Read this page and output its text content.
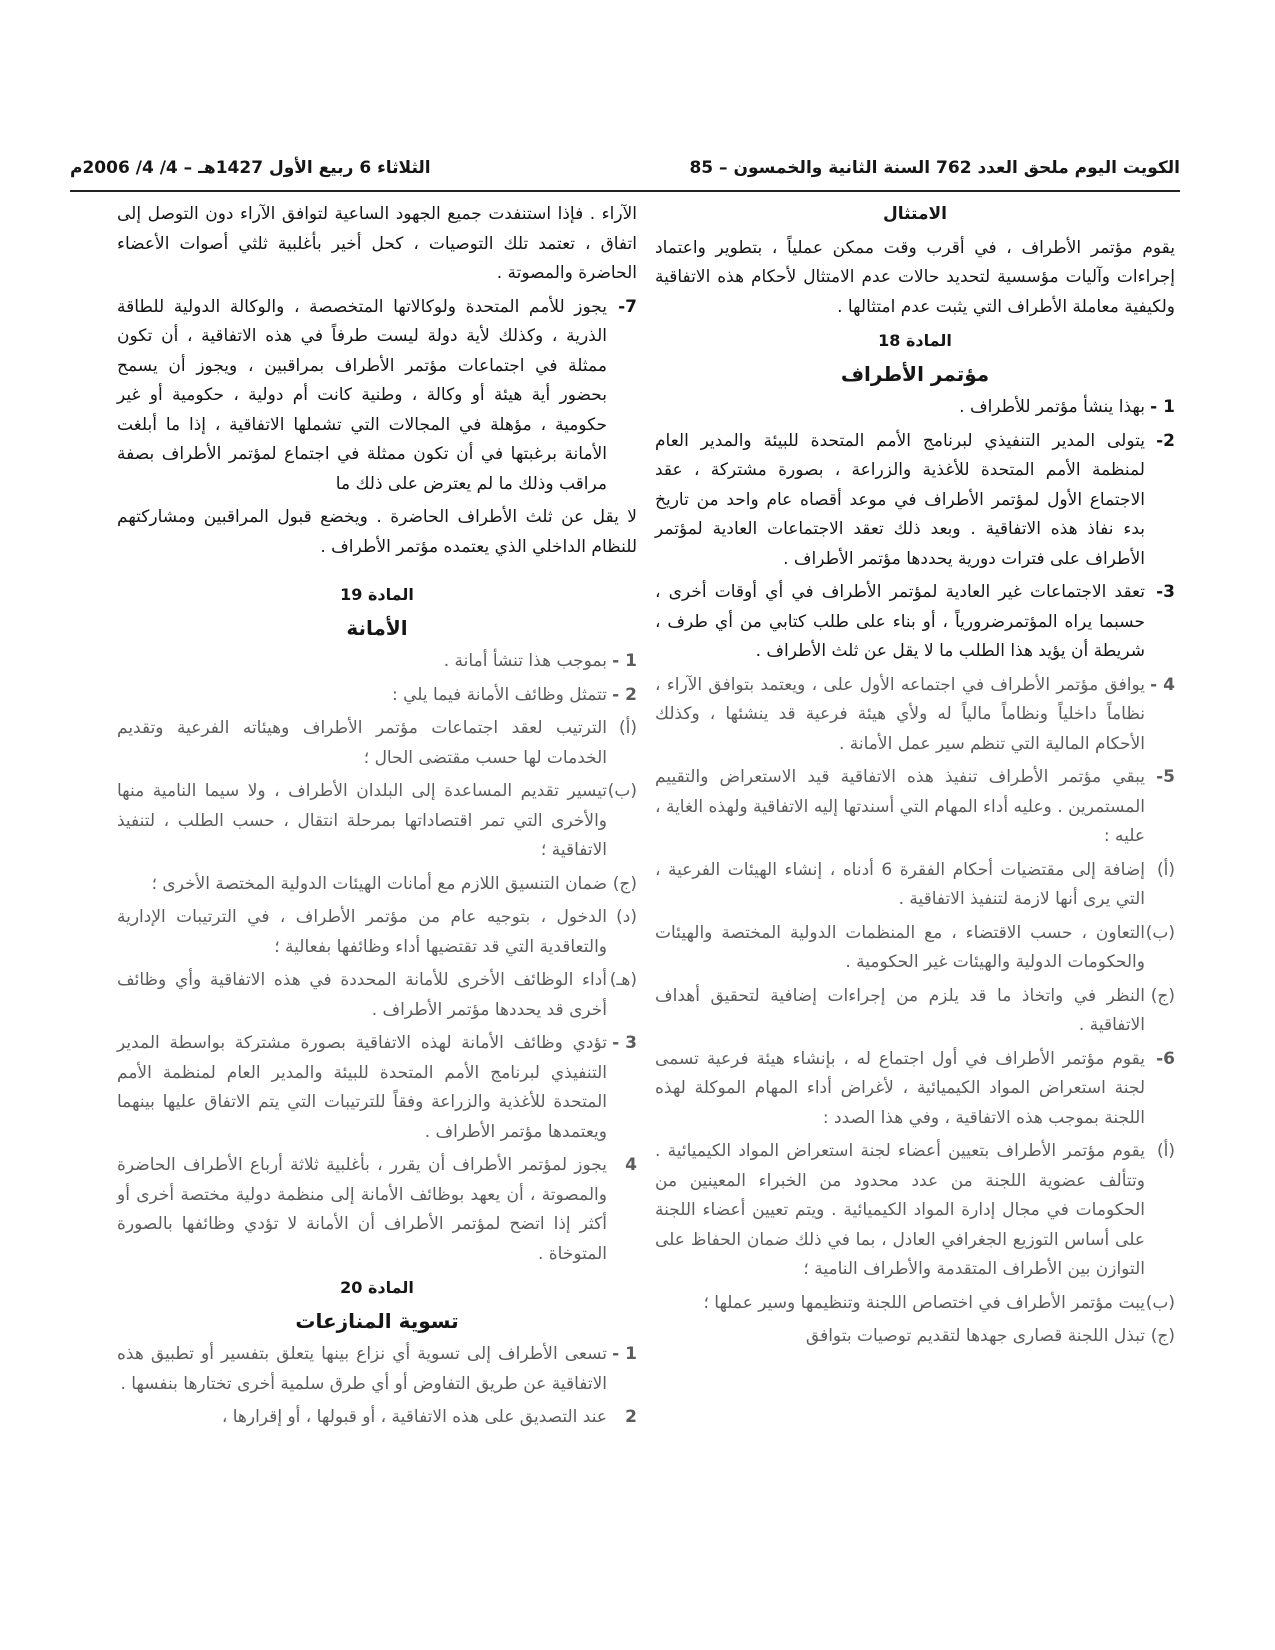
الكويت اليوم ملحق العدد 762 السنة الثانية والخمسون – 85
الثلاثاء 6 ربيع الأول 1427هـ – 4/ 4/ 2006م

الامتثال

يقوم مؤتمر الأطراف ، في أقرب وقت ممكن عملياً ، بتطوير واعتماد إجراءات وآليات مؤسسية لتحديد حالات عدم الامتثال لأحكام هذه الاتفاقية ولكيفية معاملة الأطراف التي يثبت عدم امتثالها .

المادة 18

مؤتمر الأطراف

1 -
بهذا ينشأ مؤتمر للأطراف .
2-
يتولى المدير التنفيذي لبرنامج الأمم المتحدة للبيئة والمدير العام لمنظمة الأمم المتحدة للأغذية والزراعة ، بصورة مشتركة ، عقد الاجتماع الأول لمؤتمر الأطراف في موعد أقصاه عام واحد من تاريخ بدء نفاذ هذه الاتفاقية . وبعد ذلك تعقد الاجتماعات العادية لمؤتمر الأطراف على فترات دورية يحددها مؤتمر الأطراف .
3-
تعقد الاجتماعات غير العادية لمؤتمر الأطراف في أي أوقات أخرى ، حسبما يراه المؤتمرضرورياً ، أو بناء على طلب كتابي من أي طرف ، شريطة أن يؤيد هذا الطلب ما لا يقل عن ثلث الأطراف .
4 -
يوافق مؤتمر الأطراف في اجتماعه الأول على ، ويعتمد بتوافق الآراء ، نظاماً داخلياً ونظاماً مالياً له ولأي هيئة فرعية قد ينشئها ، وكذلك الأحكام المالية التي تنظم سير عمل الأمانة .
5-
يبقي مؤتمر الأطراف تنفيذ هذه الاتفاقية قيد الاستعراض والتقييم المستمرين . وعليه أداء المهام التي أسندتها إليه الاتفاقية ولهذه الغاية ، عليه :
(أ)
إضافة إلى مقتضيات أحكام الفقرة 6 أدناه ، إنشاء الهيئات الفرعية ، التي يرى أنها لازمة لتنفيذ الاتفاقية .
(ب)
التعاون ، حسب الاقتضاء ، مع المنظمات الدولية المختصة والهيئات والحكومات الدولية والهيئات غير الحكومية .
(ج)
النظر في واتخاذ ما قد يلزم من إجراءات إضافية لتحقيق أهداف الاتفاقية .
6-
يقوم مؤتمر الأطراف في أول اجتماع له ، بإنشاء هيئة فرعية تسمى لجنة استعراض المواد الكيميائية ، لأغراض أداء المهام الموكلة لهذه اللجنة بموجب هذه الاتفاقية ، وفي هذا الصدد :
(أ)
يقوم مؤتمر الأطراف بتعيين أعضاء لجنة استعراض المواد الكيميائية . وتتألف عضوية اللجنة من عدد محدود من الخبراء المعينين من الحكومات في مجال إدارة المواد الكيميائية . ويتم تعيين أعضاء اللجنة على أساس التوزيع الجغرافي العادل ، بما في ذلك ضمان الحفاظ على التوازن بين الأطراف المتقدمة والأطراف النامية ؛
(ب)
يبت مؤتمر الأطراف في اختصاص اللجنة وتنظيمها وسير عملها ؛
(ج)
تبذل اللجنة قصارى جهدها لتقديم توصيات بتوافق

الآراء . فإذا استنفدت جميع الجهود الساعية لتوافق الآراء دون التوصل إلى اتفاق ، تعتمد تلك التوصيات ، كحل أخير بأغلبية ثلثي أصوات الأعضاء الحاضرة والمصوتة .

7-
يجوز للأمم المتحدة ولوكالاتها المتخصصة ، والوكالة الدولية للطاقة الذرية ، وكذلك لأية دولة ليست طرفاً في هذه الاتفاقية ، أن تكون ممثلة في اجتماعات مؤتمر الأطراف بمراقبين ، ويجوز أن يسمح بحضور أية هيئة أو وكالة ، وطنية كانت أم دولية ، حكومية أو غير حكومية ، مؤهلة في المجالات التي تشملها الاتفاقية ، إذا ما أبلغت الأمانة برغبتها في أن تكون ممثلة في اجتماع لمؤتمر الأطراف بصفة مراقب وذلك ما لم يعترض على ذلك ما

لا يقل عن ثلث الأطراف الحاضرة . ويخضع قبول المراقبين ومشاركتهم للنظام الداخلي الذي يعتمده مؤتمر الأطراف .

المادة 19

الأمانة

1 -
بموجب هذا تنشأ أمانة .
2 -
تتمثل وظائف الأمانة فيما يلي :
(أ)
الترتيب لعقد اجتماعات مؤتمر الأطراف وهيئاته الفرعية وتقديم الخدمات لها حسب مقتضى الحال ؛
(ب)
تيسير تقديم المساعدة إلى البلدان الأطراف ، ولا سيما النامية منها والأخرى التي تمر اقتصاداتها بمرحلة انتقال ، حسب الطلب ، لتنفيذ الاتفاقية ؛
(ج)
ضمان التنسيق اللازم مع أمانات الهيئات الدولية المختصة الأخرى ؛
(د)
الدخول ، بتوجيه عام من مؤتمر الأطراف ، في الترتيبات الإدارية والتعاقدية التي قد تقتضيها أداء وظائفها بفعالية ؛
(هـ)
أداء الوظائف الأخرى للأمانة المحددة في هذه الاتفاقية وأي وظائف أخرى قد يحددها مؤتمر الأطراف .
3 -
تؤدي وظائف الأمانة لهذه الاتفاقية بصورة مشتركة بواسطة المدير التنفيذي لبرنامج الأمم المتحدة للبيئة والمدير العام لمنظمة الأمم المتحدة للأغذية والزراعة وفقاً للترتيبات التي يتم الاتفاق عليها بينهما ويعتمدها مؤتمر الأطراف .
4
يجوز لمؤتمر الأطراف أن يقرر ، بأغلبية ثلاثة أرباع الأطراف الحاضرة والمصوتة ، أن يعهد بوظائف الأمانة إلى منظمة دولية مختصة أخرى أو أكثر إذا اتضح لمؤتمر الأطراف أن الأمانة لا تؤدي وظائفها بالصورة المتوخاة .

المادة 20

تسوية المنازعات

1 -
تسعى الأطراف إلى تسوية أي نزاع بينها يتعلق بتفسير أو تطبيق هذه الاتفاقية عن طريق التفاوض أو أي طرق سلمية أخرى تختارها بنفسها .
2
عند التصديق على هذه الاتفاقية ، أو قبولها ، أو إقرارها ،
